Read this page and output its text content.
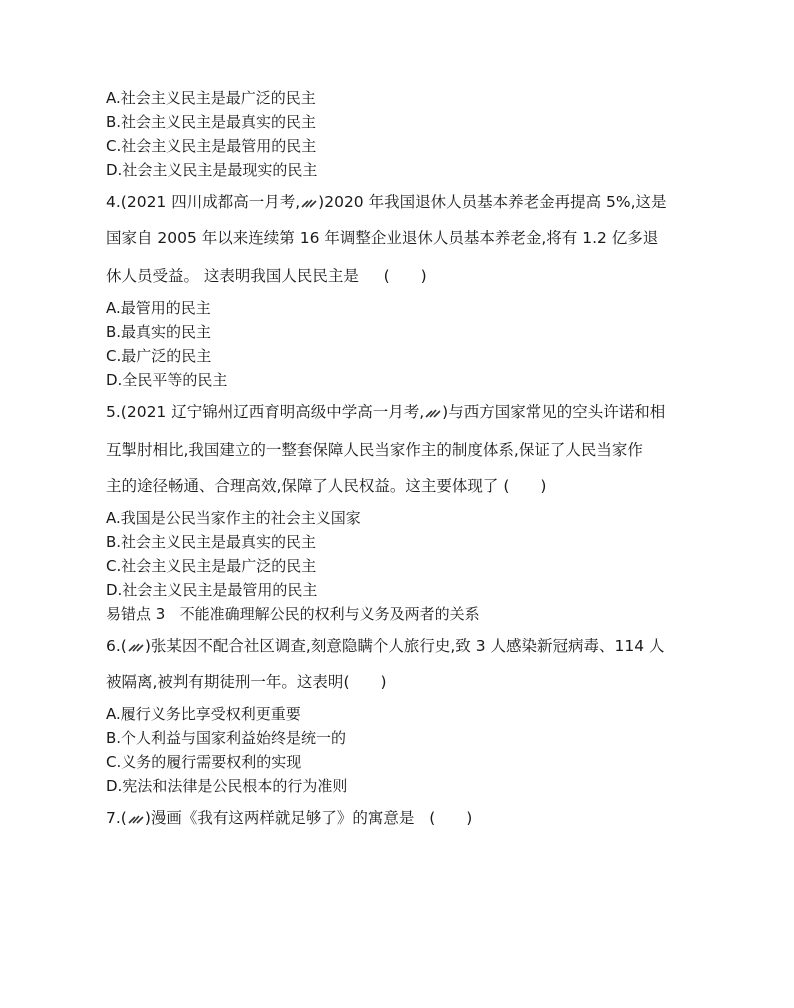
A.社会主义民主是最广泛的民主
B.社会主义民主是最真实的民主
C.社会主义民主是最管用的民主
D.社会主义民主是最现实的民主
4.(2021 四川成都高一月考, )2020 年我国退休人员基本养老金再提高 5%,这是
国家自 2005 年以来连续第 16 年调整企业退休人员基本养老金,将有 1.2 亿多退
休人员受益。 这表明我国人民民主是 (　　)
A.最管用的民主
B.最真实的民主
C.最广泛的民主
D.全民平等的民主
5.(2021 辽宁锦州辽西育明高级中学高一月考, )与西方国家常见的空头许诺和相
互掣肘相比,我国建立的一整套保障人民当家作主的制度体系,保证了人民当家作
主的途径畅通、合理高效,保障了人民权益。这主要体现了 (　　)
A.我国是公民当家作主的社会主义国家
B.社会主义民主是最真实的民主
C.社会主义民主是最广泛的民主
D.社会主义民主是最管用的民主
易错点 3 不能准确理解公民的权利与义务及两者的关系
6.( )张某因不配合社区调查,刻意隐瞒个人旅行史,致 3 人感染新冠病毒、114 人
被隔离,被判有期徒刑一年。这表明(　　)
A.履行义务比享受权利更重要
B.个人利益与国家利益始终是统一的
C.义务的履行需要权利的实现
D.宪法和法律是公民根本的行为准则
7.( )漫画《我有这两样就足够了》的寓意是 (　　)
